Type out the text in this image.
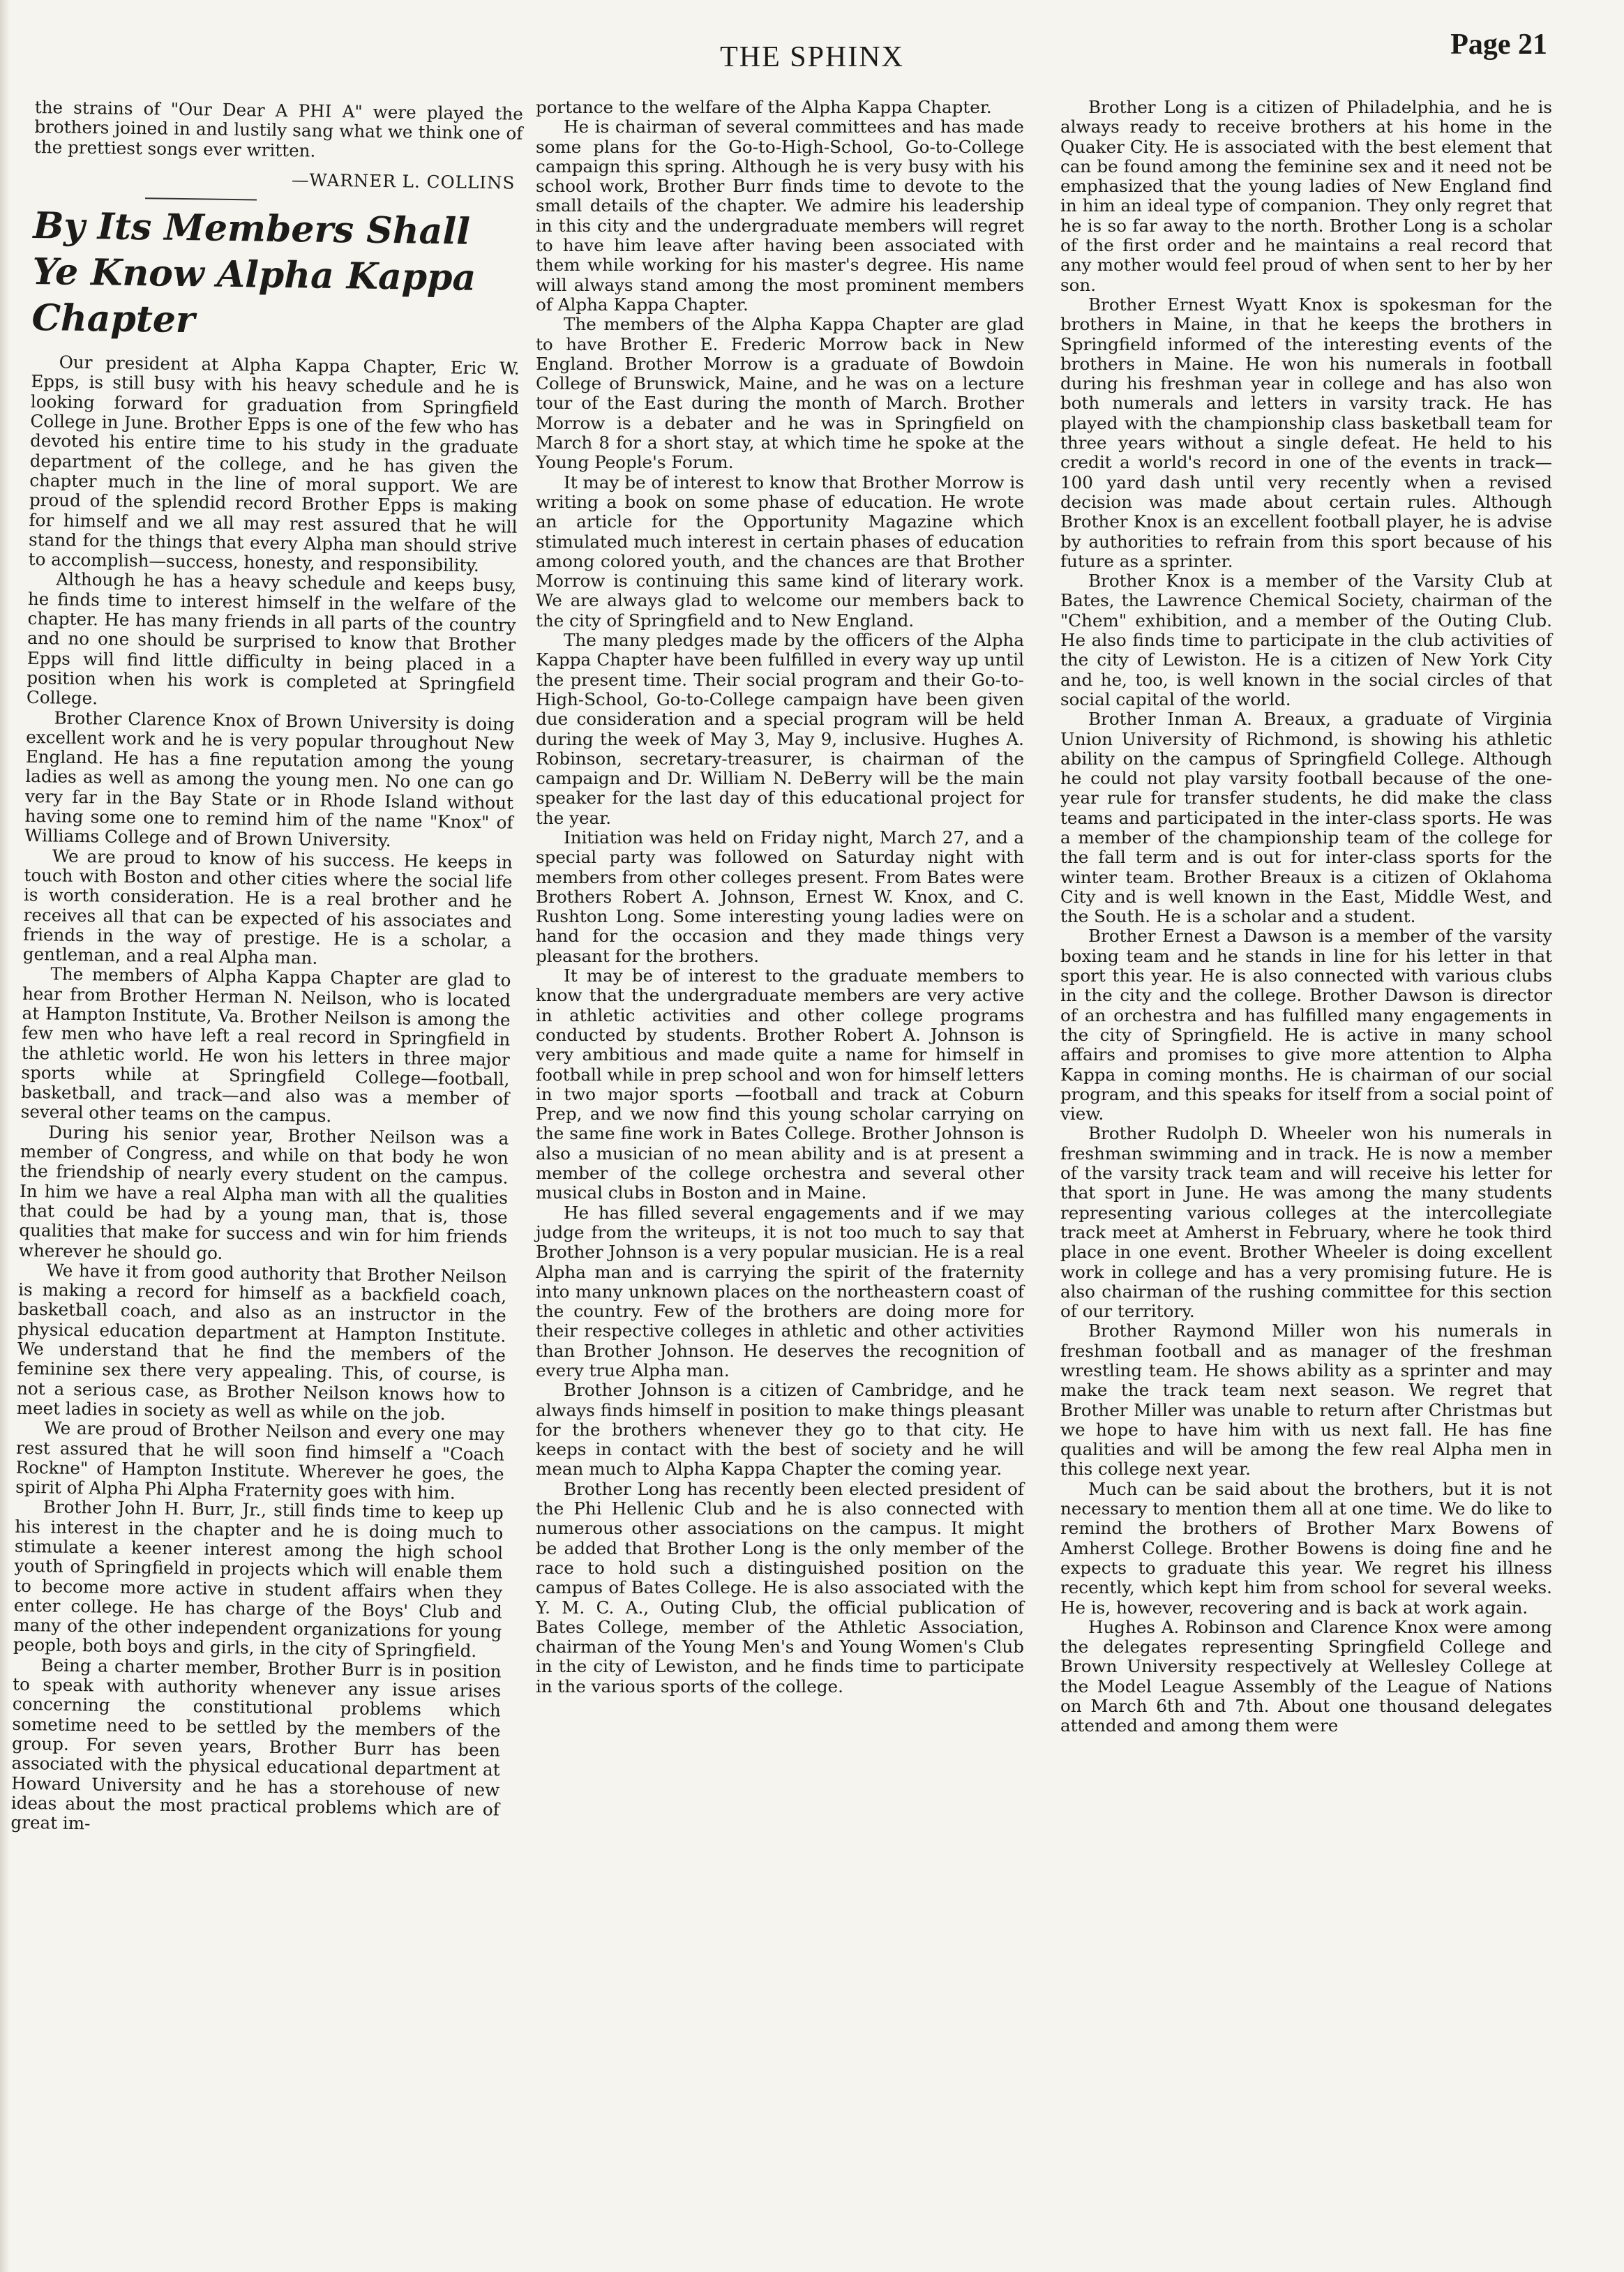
THE SPHINX	Page 21

the strains of "Our Dear A PHI A" were played the brothers joined in and lustily sang what we think one of the prettiest songs ever written.

—WARNER L. COLLINS

By Its Members Shall Ye Know Alpha Kappa Chapter

Our president at Alpha Kappa Chapter, Eric W. Epps, is still busy with his heavy schedule and he is looking forward for graduation from Springfield College in June. Brother Epps is one of the few who has devoted his entire time to his study in the graduate department of the college, and he has given the chapter much in the line of moral support. We are proud of the splendid record Brother Epps is making for himself and we all may rest assured that he will stand for the things that every Alpha man should strive to accomplish—success, honesty, and responsibility.

Although he has a heavy schedule and keeps busy, he finds time to interest himself in the welfare of the chapter. He has many friends in all parts of the country and no one should be surprised to know that Brother Epps will find little difficulty in being placed in a position when his work is completed at Springfield College.

Brother Clarence Knox of Brown University is doing excellent work and he is very popular throughout New England. He has a fine reputation among the young ladies as well as among the young men. No one can go very far in the Bay State or in Rhode Island without having some one to remind him of the name "Knox" of Williams College and of Brown University.

We are proud to know of his success. He keeps in touch with Boston and other cities where the social life is worth consideration. He is a real brother and he receives all that can be expected of his associates and friends in the way of prestige. He is a scholar, a gentleman, and a real Alpha man.

The members of Alpha Kappa Chapter are glad to hear from Brother Herman N. Neilson, who is located at Hampton Institute, Va. Brother Neilson is among the few men who have left a real record in Springfield in the athletic world. He won his letters in three major sports while at Springfield College—football, basketball, and track—and also was a member of several other teams on the campus.

During his senior year, Brother Neilson was a member of Congress, and while on that body he won the friendship of nearly every student on the campus. In him we have a real Alpha man with all the qualities that could be had by a young man, that is, those qualities that make for success and win for him friends wherever he should go.

We have it from good authority that Brother Neilson is making a record for himself as a backfield coach, basketball coach, and also as an instructor in the physical education department at Hampton Institute. We understand that he find the members of the feminine sex there very appealing. This, of course, is not a serious case, as Brother Neilson knows how to meet ladies in society as well as while on the job.

We are proud of Brother Neilson and every one may rest assured that he will soon find himself a "Coach Rockne" of Hampton Institute. Wherever he goes, the spirit of Alpha Phi Alpha Fraternity goes with him.

Brother John H. Burr, Jr., still finds time to keep up his interest in the chapter and he is doing much to stimulate a keener interest among the high school youth of Springfield in projects which will enable them to become more active in student affairs when they enter college. He has charge of the Boys' Club and many of the other independent organizations for young people, both boys and girls, in the city of Springfield.

Being a charter member, Brother Burr is in position to speak with authority whenever any issue arises concerning the constitutional problems which sometime need to be settled by the members of the group. For seven years, Brother Burr has been associated with the physical educational department at Howard University and he has a storehouse of new ideas about the most practical problems which are of great im-

portance to the welfare of the Alpha Kappa Chapter.

He is chairman of several committees and has made some plans for the Go-to-High-School, Go-to-College campaign this spring. Although he is very busy with his school work, Brother Burr finds time to devote to the small details of the chapter. We admire his leadership in this city and the undergraduate members will regret to have him leave after having been associated with them while working for his master's degree. His name will always stand among the most prominent members of Alpha Kappa Chapter.

The members of the Alpha Kappa Chapter are glad to have Brother E. Frederic Morrow back in New England. Brother Morrow is a graduate of Bowdoin College of Brunswick, Maine, and he was on a lecture tour of the East during the month of March. Brother Morrow is a debater and he was in Springfield on March 8 for a short stay, at which time he spoke at the Young People's Forum.

It may be of interest to know that Brother Morrow is writing a book on some phase of education. He wrote an article for the Opportunity Magazine which stimulated much interest in certain phases of education among colored youth, and the chances are that Brother Morrow is continuing this same kind of literary work. We are always glad to welcome our members back to the city of Springfield and to New England.

The many pledges made by the officers of the Alpha Kappa Chapter have been fulfilled in every way up until the present time. Their social program and their Go-to-High-School, Go-to-College campaign have been given due consideration and a special program will be held during the week of May 3, May 9, inclusive. Hughes A. Robinson, secretary-treasurer, is chairman of the campaign and Dr. William N. DeBerry will be the main speaker for the last day of this educational project for the year.

Initiation was held on Friday night, March 27, and a special party was followed on Saturday night with members from other colleges present. From Bates were Brothers Robert A. Johnson, Ernest W. Knox, and C. Rushton Long. Some interesting young ladies were on hand for the occasion and they made things very pleasant for the brothers.

It may be of interest to the graduate members to know that the undergraduate members are very active in athletic activities and other college programs conducted by students. Brother Robert A. Johnson is very ambitious and made quite a name for himself in football while in prep school and won for himself letters in two major sports —football and track at Coburn Prep, and we now find this young scholar carrying on the same fine work in Bates College. Brother Johnson is also a musician of no mean ability and is at present a member of the college orchestra and several other musical clubs in Boston and in Maine.

He has filled several engagements and if we may judge from the writeups, it is not too much to say that Brother Johnson is a very popular musician. He is a real Alpha man and is carrying the spirit of the fraternity into many unknown places on the northeastern coast of the country. Few of the brothers are doing more for their respective colleges in athletic and other activities than Brother Johnson. He deserves the recognition of every true Alpha man.

Brother Johnson is a citizen of Cambridge, and he always finds himself in position to make things pleasant for the brothers whenever they go to that city. He keeps in contact with the best of society and he will mean much to Alpha Kappa Chapter the coming year.

Brother Long has recently been elected president of the Phi Hellenic Club and he is also connected with numerous other associations on the campus. It might be added that Brother Long is the only member of the race to hold such a distinguished position on the campus of Bates College. He is also associated with the Y. M. C. A., Outing Club, the official publication of Bates College, member of the Athletic Association, chairman of the Young Men's and Young Women's Club in the city of Lewiston, and he finds time to participate in the various sports of the college.

Brother Long is a citizen of Philadelphia, and he is always ready to receive brothers at his home in the Quaker City. He is associated with the best element that can be found among the feminine sex and it need not be emphasized that the young ladies of New England find in him an ideal type of companion. They only regret that he is so far away to the north. Brother Long is a scholar of the first order and he maintains a real record that any mother would feel proud of when sent to her by her son.

Brother Ernest Wyatt Knox is spokesman for the brothers in Maine, in that he keeps the brothers in Springfield informed of the interesting events of the brothers in Maine. He won his numerals in football during his freshman year in college and has also won both numerals and letters in varsity track. He has played with the championship class basketball team for three years without a single defeat. He held to his credit a world's record in one of the events in track—100 yard dash until very recently when a revised decision was made about certain rules. Although Brother Knox is an excellent football player, he is advise by authorities to refrain from this sport because of his future as a sprinter.

Brother Knox is a member of the Varsity Club at Bates, the Lawrence Chemical Society, chairman of the "Chem" exhibition, and a member of the Outing Club. He also finds time to participate in the club activities of the city of Lewiston. He is a citizen of New York City and he, too, is well known in the social circles of that social capital of the world.

Brother Inman A. Breaux, a graduate of Virginia Union University of Richmond, is showing his athletic ability on the campus of Springfield College. Although he could not play varsity football because of the one-year rule for transfer students, he did make the class teams and participated in the inter-class sports. He was a member of the championship team of the college for the fall term and is out for inter-class sports for the winter team. Brother Breaux is a citizen of Oklahoma City and is well known in the East, Middle West, and the South. He is a scholar and a student.

Brother Ernest a Dawson is a member of the varsity boxing team and he stands in line for his letter in that sport this year. He is also connected with various clubs in the city and the college. Brother Dawson is director of an orchestra and has fulfilled many engagements in the city of Springfield. He is active in many school affairs and promises to give more attention to Alpha Kappa in coming months. He is chairman of our social program, and this speaks for itself from a social point of view.

Brother Rudolph D. Wheeler won his numerals in freshman swimming and in track. He is now a member of the varsity track team and will receive his letter for that sport in June. He was among the many students representing various colleges at the intercollegiate track meet at Amherst in February, where he took third place in one event. Brother Wheeler is doing excellent work in college and has a very promising future. He is also chairman of the rushing committee for this section of our territory.

Brother Raymond Miller won his numerals in freshman football and as manager of the freshman wrestling team. He shows ability as a sprinter and may make the track team next season. We regret that Brother Miller was unable to return after Christmas but we hope to have him with us next fall. He has fine qualities and will be among the few real Alpha men in this college next year.

Much can be said about the brothers, but it is not necessary to mention them all at one time. We do like to remind the brothers of Brother Marx Bowens of Amherst College. Brother Bowens is doing fine and he expects to graduate this year. We regret his illness recently, which kept him from school for several weeks. He is, however, recovering and is back at work again.

Hughes A. Robinson and Clarence Knox were among the delegates representing Springfield College and Brown University respectively at Wellesley College at the Model League Assembly of the League of Nations on March 6th and 7th. About one thousand delegates attended and among them were
